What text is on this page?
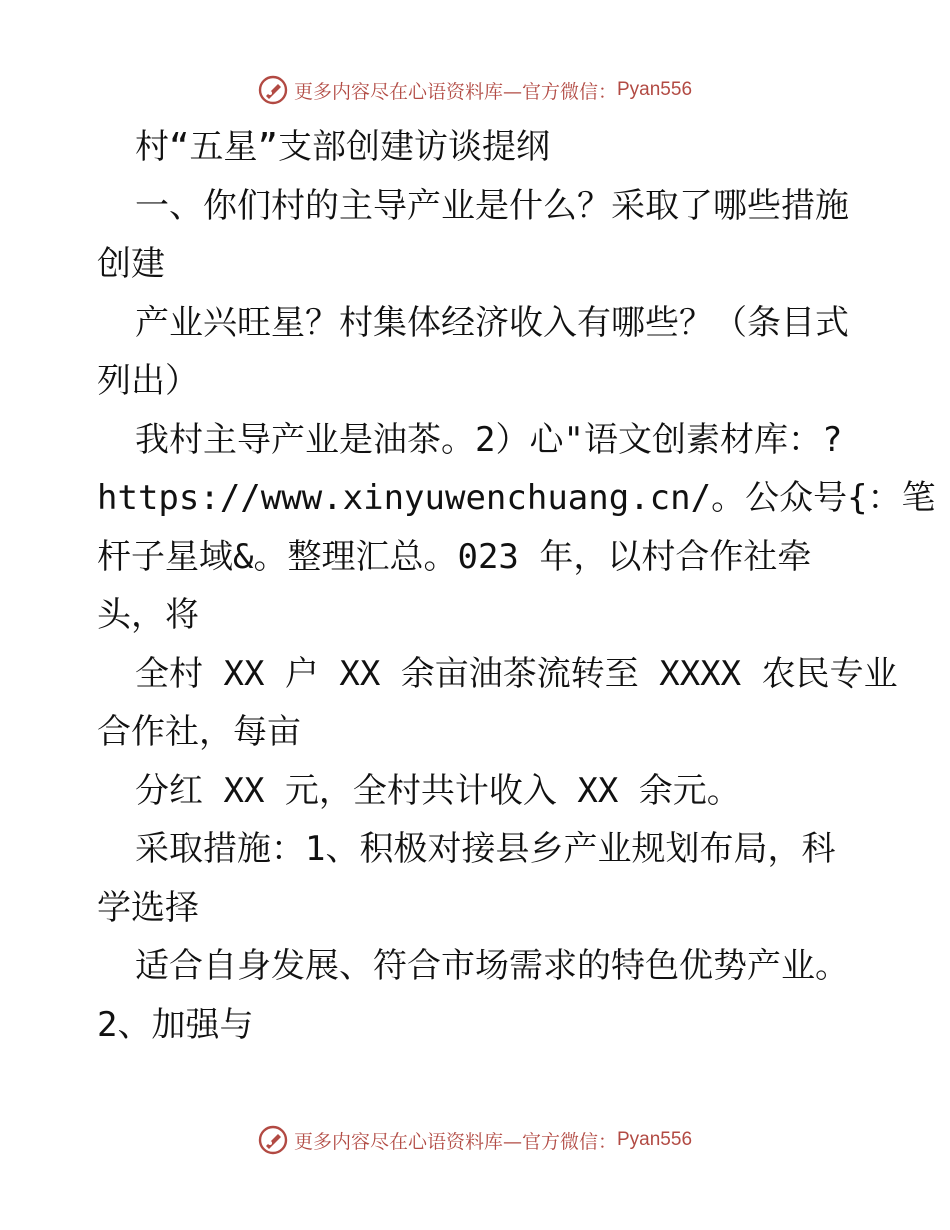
更多内容尽在心语资料库—官方微信： Pyan556
村“五星”支部创建访谈提纲
一、你们村的主导产业是什么？采取了哪些措施
创建
产业兴旺星？村集体经济收入有哪些？（条目式
列出）
我村主导产业是油茶。2）心"语文创素材库：?
https://www.xinyuwenchuang.cn/。公众号{：笔
杆子星域&。整理汇总。023 年，以村合作社牵
头，将
全村 XX 户 XX 余亩油茶流转至 XXXX 农民专业
合作社，每亩
分红 XX 元，全村共计收入 XX 余元。
采取措施：1、积极对接县乡产业规划布局，科
学选择
适合自身发展、符合市场需求的特色优势产业。
2、加强与
更多内容尽在心语资料库—官方微信： Pyan556
